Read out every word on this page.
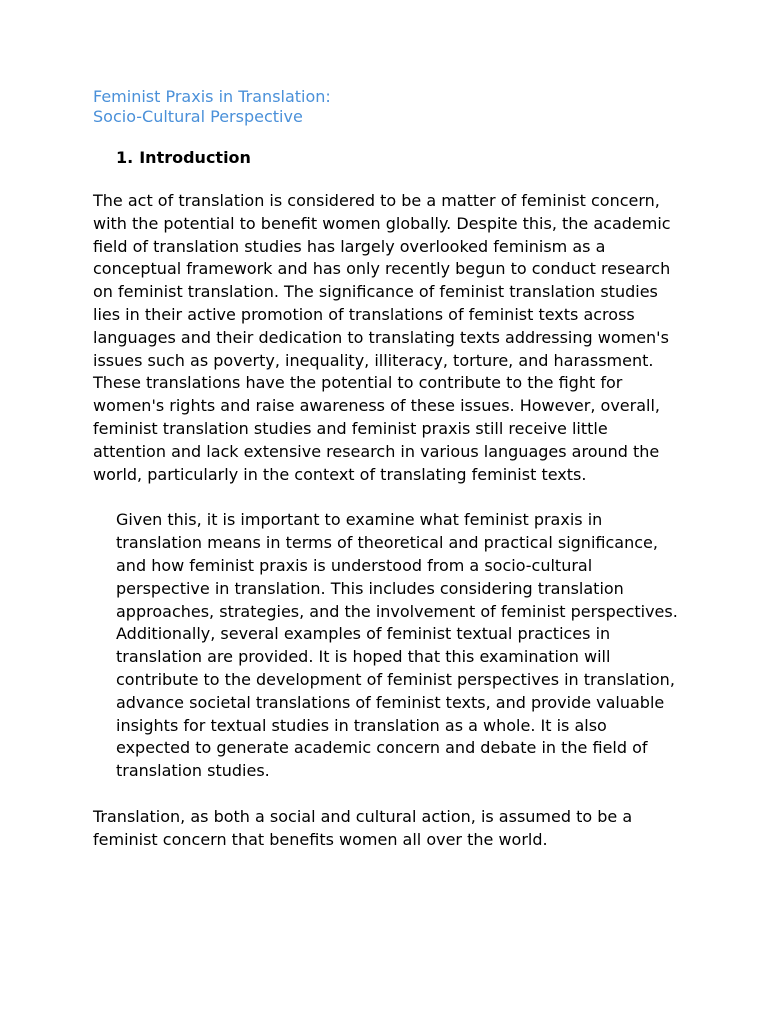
Feminist Praxis in Translation:
Socio-Cultural Perspective
1. Introduction

The act of translation is considered to be a matter of feminist concern, with the potential to benefit women globally. Despite this, the academic field of translation studies has largely overlooked feminism as a conceptual framework and has only recently begun to conduct research on feminist translation. The significance of feminist translation studies lies in their active promotion of translations of feminist texts across languages and their dedication to translating texts addressing women's issues such as poverty, inequality, illiteracy, torture, and harassment. These translations have the potential to contribute to the fight for women's rights and raise awareness of these issues. However, overall, feminist translation studies and feminist praxis still receive little attention and lack extensive research in various languages around the world, particularly in the context of translating feminist texts.

Given this, it is important to examine what feminist praxis in translation means in terms of theoretical and practical significance, and how feminist praxis is understood from a socio-cultural perspective in translation. This includes considering translation approaches, strategies, and the involvement of feminist perspectives. Additionally, several examples of feminist textual practices in translation are provided. It is hoped that this examination will contribute to the development of feminist perspectives in translation, advance societal translations of feminist texts, and provide valuable insights for textual studies in translation as a whole. It is also expected to generate academic concern and debate in the field of translation studies.

Translation, as both a social and cultural action, is assumed to be a feminist concern that benefits women all over the world.
